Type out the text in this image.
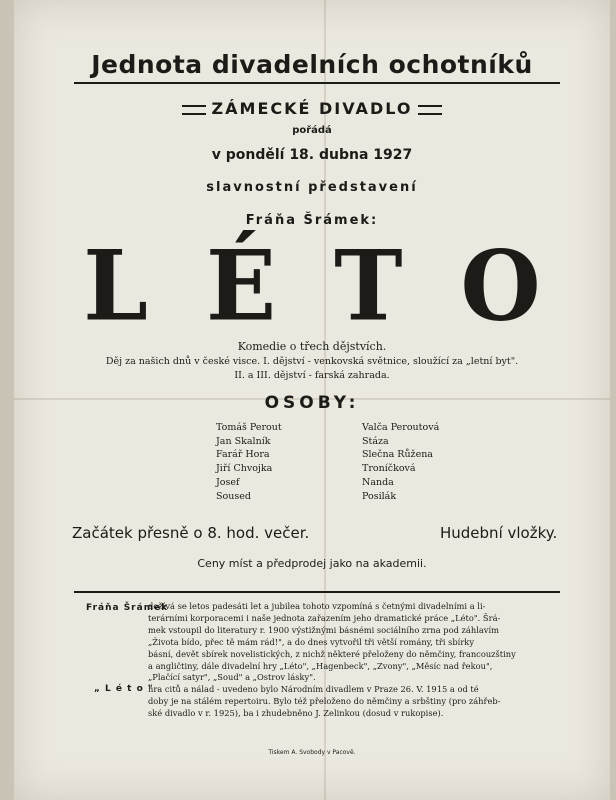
Jednota divadelních ochotníků
ZÁMECKÉ DIVADLO
pořádá
v pondělí 18. dubna 1927
slavnostní představení
Fráňa Šrámek:
LÉTO
Komedie o třech dějstvích.
Děj za našich dnů v české visce. I. dějství - venkovská světnice, sloužící za „letní byt".
II. a III. dějství - farská zahrada.
OSOBY:
Tomáš Perout
Jan Skalník
Farář Hora
Jiří Chvojka
Josef
Soused
Valča Peroutová
Stáza
Slečna Růžena
Troníčková
Nanda
Posilák
Začátek přesně o 8. hod. večer.	Hudební vložky.
Ceny míst a předprodej jako na akademii.
Fráňa Šrámek
„ L é t o "
dožívá se letos padesáti let a jubilea tohoto vzpomíná s četnými divadelními a li-
terárními korporacemi i naše jednota zařazením jeho dramatické práce „Léto". Šrá-
mek vstoupil do literatury r. 1900 výstižnými básnémi sociálního zrna pod záhlavím
„Života bído, přec tě mám rád!", a do dnes vytvořil tři větší romány, tři sbírky
básní, devět sbírek novelistických, z nichž některé přeloženy do němčiny, francouzštiny
a angličtiny, dále divadelní hry „Léto", „Hagenbeck", „Zvony", „Měsíc nad řekou",
„Plačící satyr", „Soud" a „Ostrov lásky".
hra citů a nálad - uvedeno bylo Národním divadlem v Praze 26. V. 1915 a od té
doby je na stálém repertoiru. Bylo též přeloženo do němčiny a srbštiny (pro záhřeb-
ské divadlo v r. 1925), ba i zhudebněno J. Zelinkou (dosud v rukopise).
Tiskem A. Svobody v Pacově.
